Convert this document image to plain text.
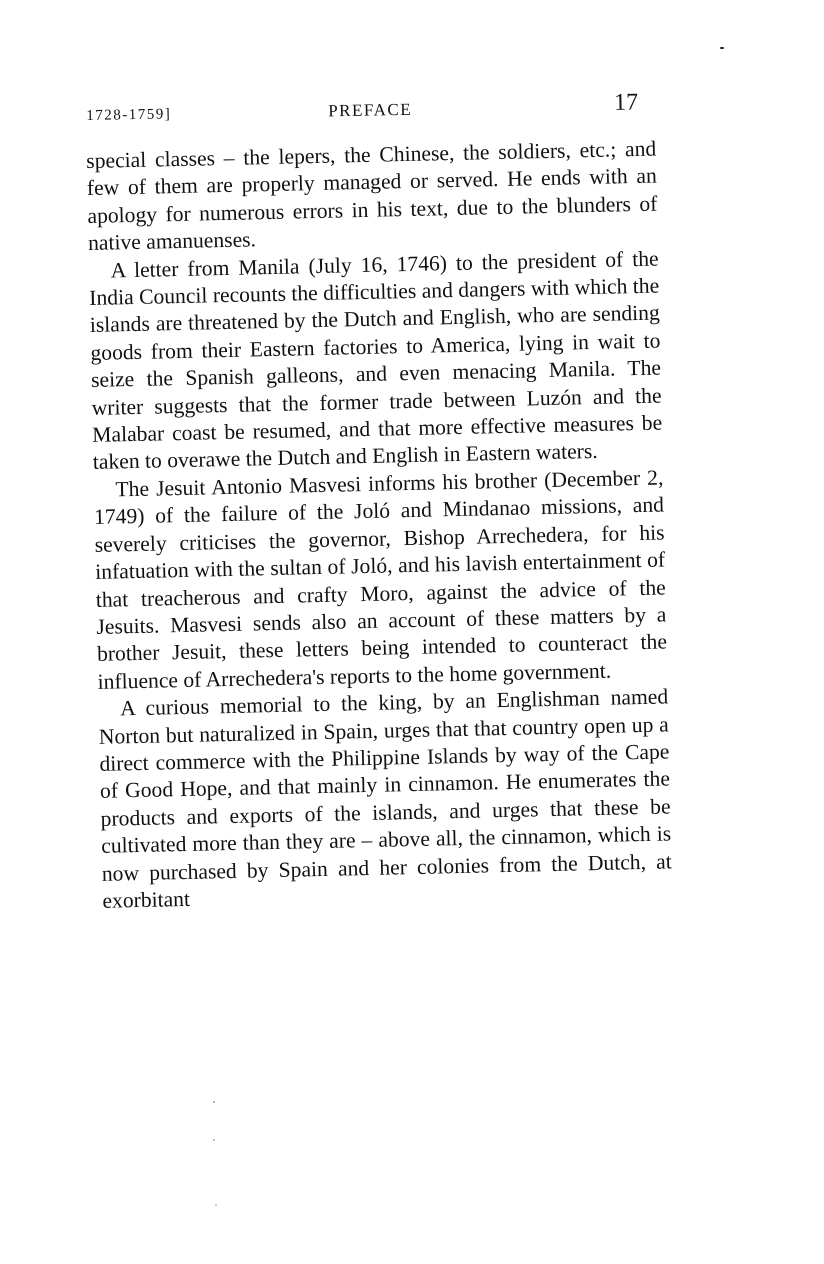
1728-1759]	PREFACE	17

special classes – the lepers, the Chinese, the soldiers, etc.; and few of them are properly managed or served. He ends with an apology for numerous errors in his text, due to the blunders of native amanuenses.

A letter from Manila (July 16, 1746) to the president of the India Council recounts the difficulties and dangers with which the islands are threatened by the Dutch and English, who are sending goods from their Eastern factories to America, lying in wait to seize the Spanish galleons, and even menacing Manila. The writer suggests that the former trade between Luzón and the Malabar coast be resumed, and that more effective measures be taken to overawe the Dutch and English in Eastern waters.

The Jesuit Antonio Masvesi informs his brother (December 2, 1749) of the failure of the Joló and Mindanao missions, and severely criticises the governor, Bishop Arrechedera, for his infatuation with the sultan of Joló, and his lavish entertainment of that treacherous and crafty Moro, against the advice of the Jesuits. Masvesi sends also an account of these matters by a brother Jesuit, these letters being intended to counteract the influence of Arrechedera's reports to the home government.

A curious memorial to the king, by an Englishman named Norton but naturalized in Spain, urges that that country open up a direct commerce with the Philippine Islands by way of the Cape of Good Hope, and that mainly in cinnamon. He enumerates the products and exports of the islands, and urges that these be cultivated more than they are – above all, the cinnamon, which is now purchased by Spain and her colonies from the Dutch, at exorbitant
